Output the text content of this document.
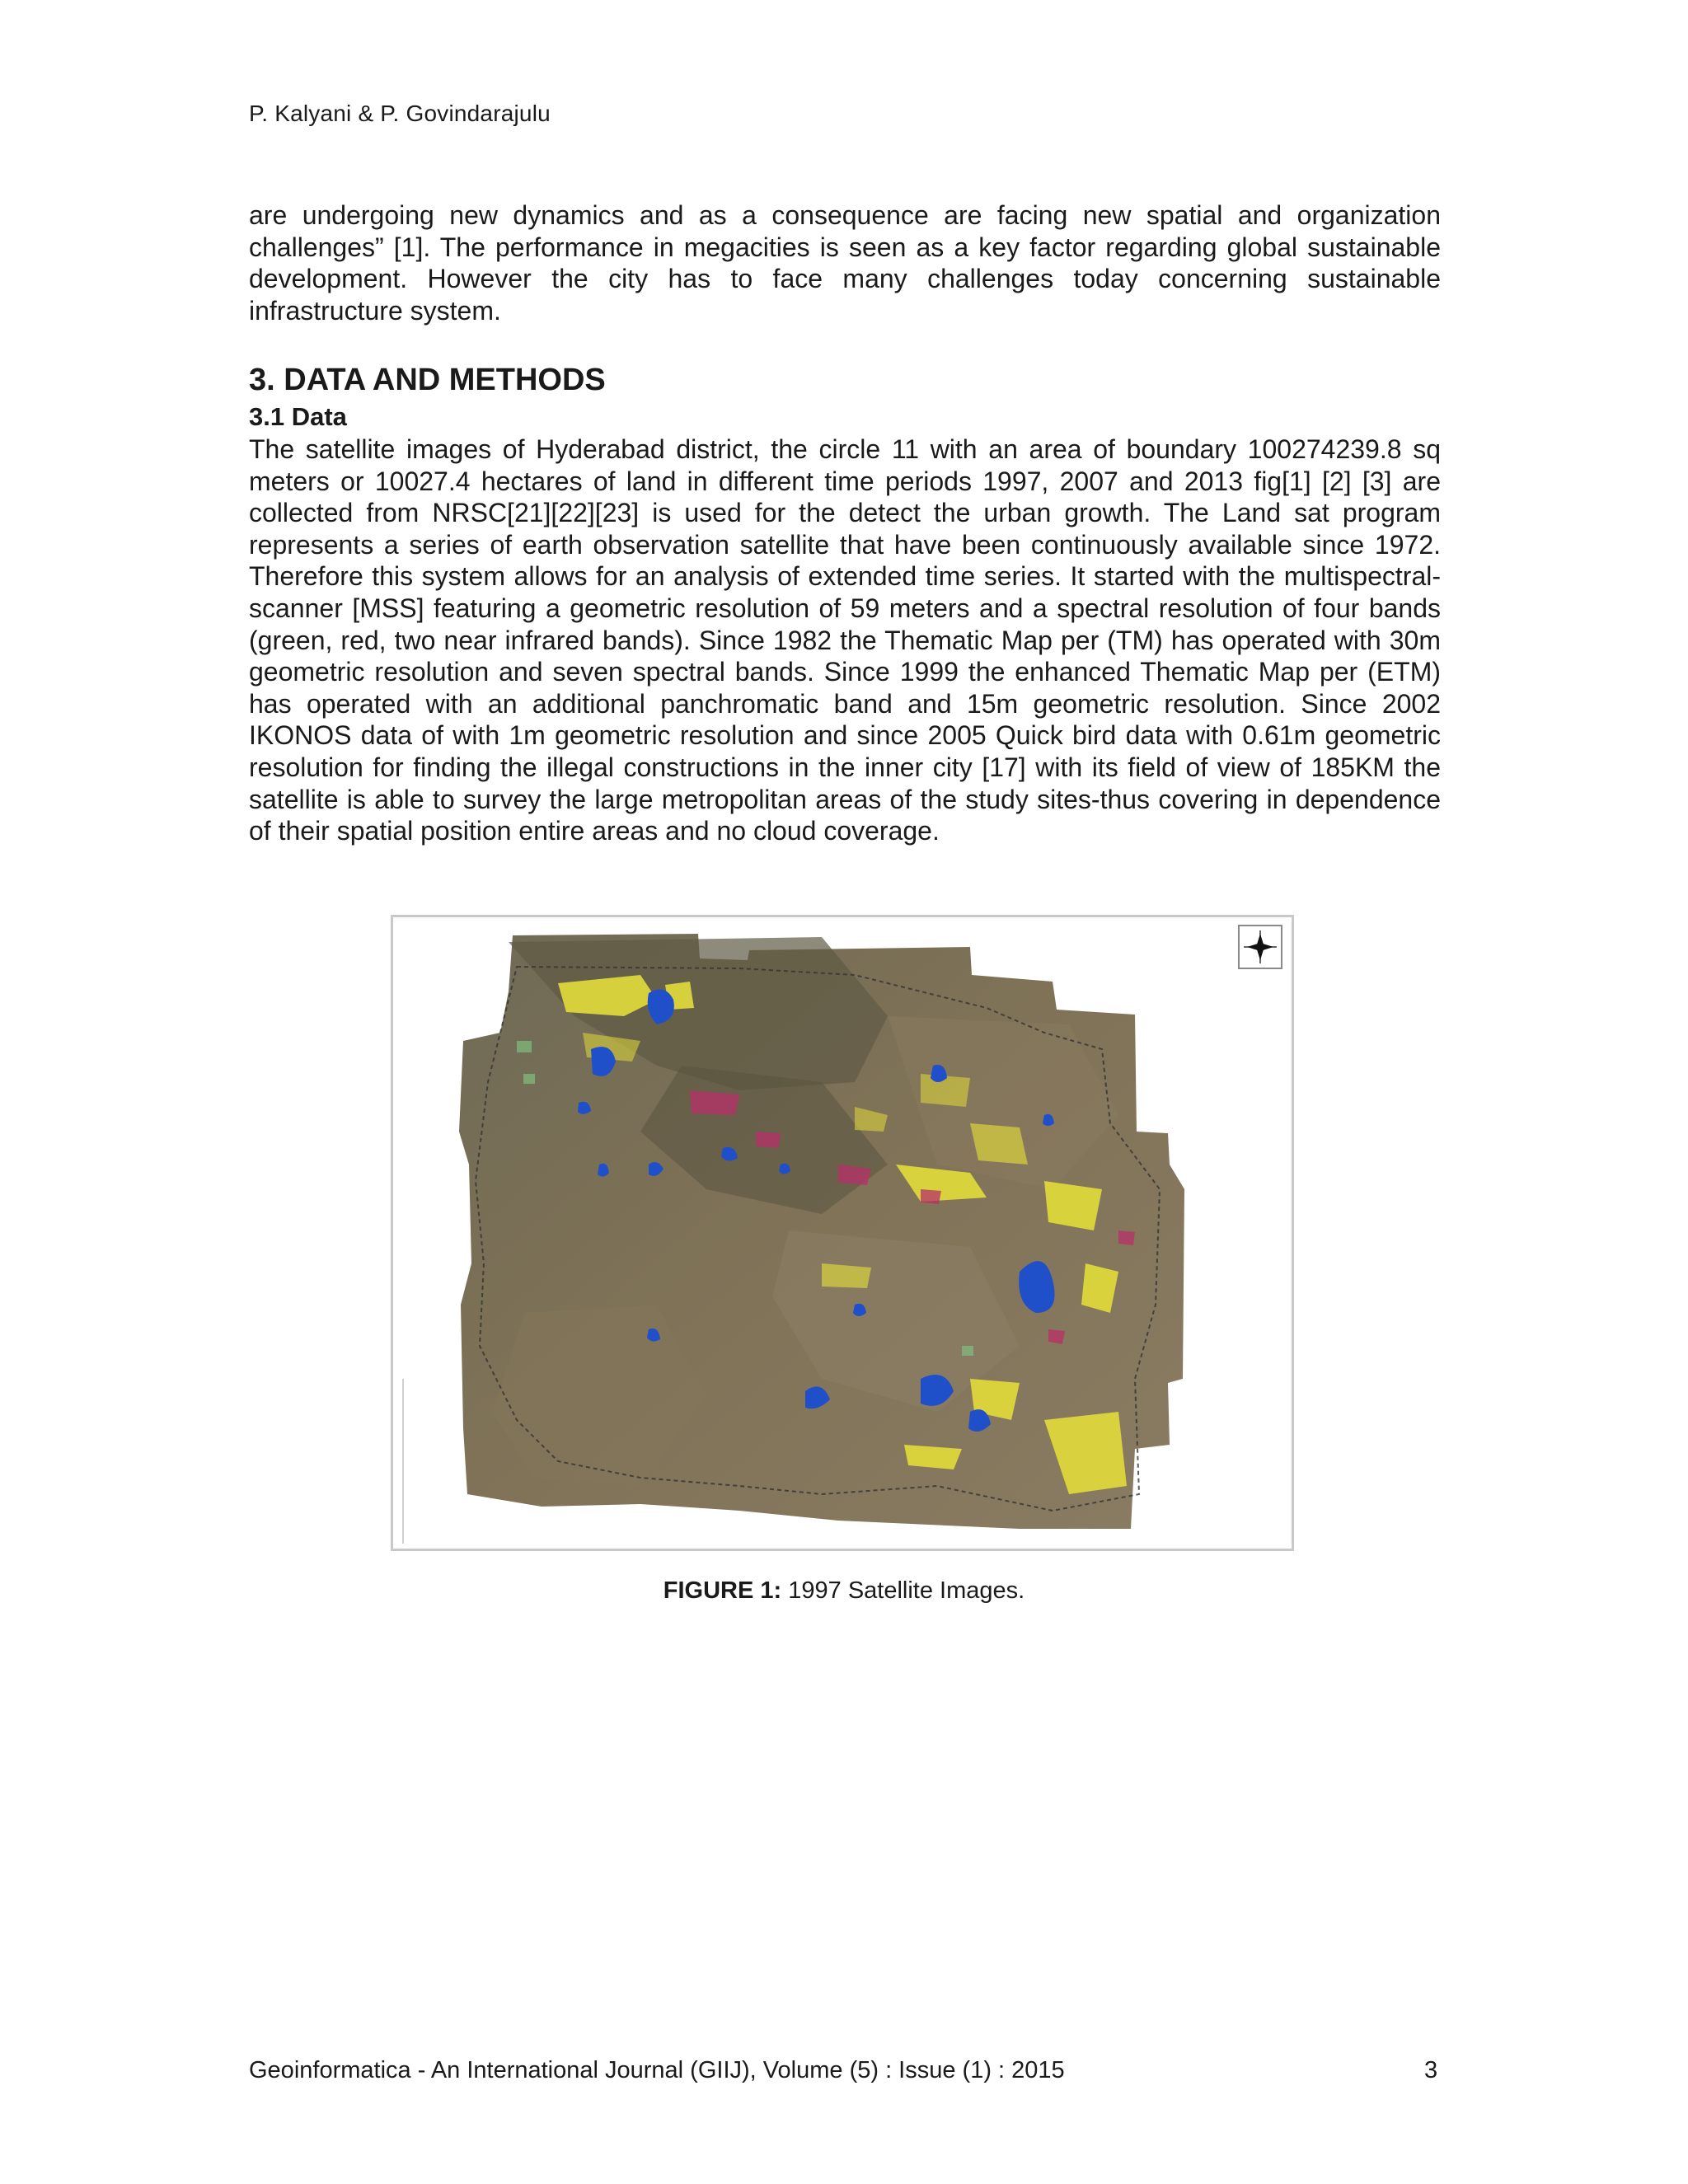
P. Kalyani & P. Govindarajulu

are undergoing new dynamics and as a consequence are facing new spatial and organization challenges” [1]. The performance in megacities is seen as a key factor regarding global sustainable development. However the city has to face many challenges today concerning sustainable infrastructure system.

3. DATA AND METHODS
3.1 Data

The satellite images of Hyderabad district, the circle 11 with an area of boundary 100274239.8 sq meters or 10027.4 hectares of land in different time periods 1997, 2007 and 2013 fig[1] [2] [3] are collected from NRSC[21][22][23] is used for the detect the urban growth. The Land sat program represents a series of earth observation satellite that have been continuously available since 1972. Therefore this system allows for an analysis of extended time series. It started with the multispectral-scanner [MSS] featuring a geometric resolution of 59 meters and a spectral resolution of four bands (green, red, two near infrared bands). Since 1982 the Thematic Map per (TM) has operated with 30m geometric resolution and seven spectral bands. Since 1999 the enhanced Thematic Map per (ETM) has operated with an additional panchromatic band and 15m geometric resolution. Since 2002 IKONOS data of with 1m geometric resolution and since 2005 Quick bird data with 0.61m geometric resolution for finding the illegal constructions in the inner city [17] with its field of view of 185KM the satellite is able to survey the large metropolitan areas of the study sites-thus covering in dependence of their spatial position entire areas and no cloud coverage.

FIGURE 1: 1997 Satellite Images.
Geoinformatica - An International Journal (GIIJ), Volume (5) : Issue (1) : 2015	3
